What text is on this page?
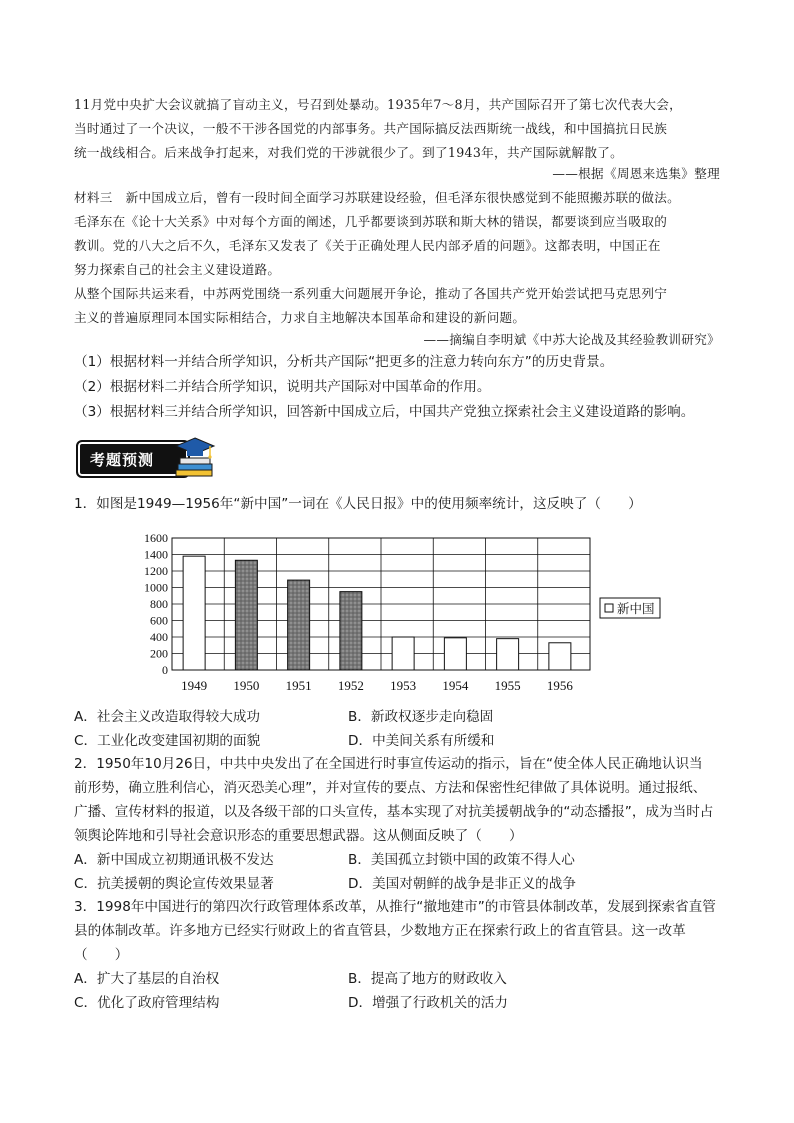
11月党中央扩大会议就搞了盲动主义，号召到处暴动。1935年7～8月，共产国际召开了第七次代表大会，
当时通过了一个决议，一般不干涉各国党的内部事务。共产国际搞反法西斯统一战线，和中国搞抗日民族
统一战线相合。后来战争打起来，对我们党的干涉就很少了。到了1943年，共产国际就解散了。
——根据《周恩来选集》整理
材料三　新中国成立后，曾有一段时间全面学习苏联建设经验，但毛泽东很快感觉到不能照搬苏联的做法。
毛泽东在《论十大关系》中对每个方面的阐述，几乎都要谈到苏联和斯大林的错误，都要谈到应当吸取的
教训。党的八大之后不久，毛泽东又发表了《关于正确处理人民内部矛盾的问题》。这都表明，中国正在
努力探索自己的社会主义建设道路。
从整个国际共运来看，中苏两党围绕一系列重大问题展开争论，推动了各国共产党开始尝试把马克思列宁
主义的普遍原理同本国实际相结合，力求自主地解决本国革命和建设的新问题。
——摘编自李明斌《中苏大论战及其经验教训研究》
（1）根据材料一并结合所学知识，分析共产国际“把更多的注意力转向东方”的历史背景。
（2）根据材料二并结合所学知识，说明共产国际对中国革命的作用。
（3）根据材料三并结合所学知识，回答新中国成立后，中国共产党独立探索社会主义建设道路的影响。
考题预测
1．如图是1949—1956年“新中国”一词在《人民日报》中的使用频率统计，这反映了（　　）
0
200
400
600
800
1000
1200
1400
1600
1949 1950 1951 1952 1953 1954 1955 1956
新中国
A．社会主义改造取得较大成功	B．新政权逐步走向稳固
C．工业化改变建国初期的面貌	D．中美间关系有所缓和
2．1950年10月26日，中共中央发出了在全国进行时事宣传运动的指示，旨在“使全体人民正确地认识当
前形势，确立胜利信心，消灭恐美心理”，并对宣传的要点、方法和保密性纪律做了具体说明。通过报纸、
广播、宣传材料的报道，以及各级干部的口头宣传，基本实现了对抗美援朝战争的“动态播报”，成为当时占
领舆论阵地和引导社会意识形态的重要思想武器。这从侧面反映了（　　）
A．新中国成立初期通讯极不发达	B．美国孤立封锁中国的政策不得人心
C．抗美援朝的舆论宣传效果显著	D．美国对朝鲜的战争是非正义的战争
3．1998年中国进行的第四次行政管理体系改革，从推行“撤地建市”的市管县体制改革，发展到探索省直管
县的体制改革。许多地方已经实行财政上的省直管县，少数地方正在探索行政上的省直管县。这一改革
（　　）
A．扩大了基层的自治权	B．提高了地方的财政收入
C．优化了政府管理结构	D．增强了行政机关的活力
